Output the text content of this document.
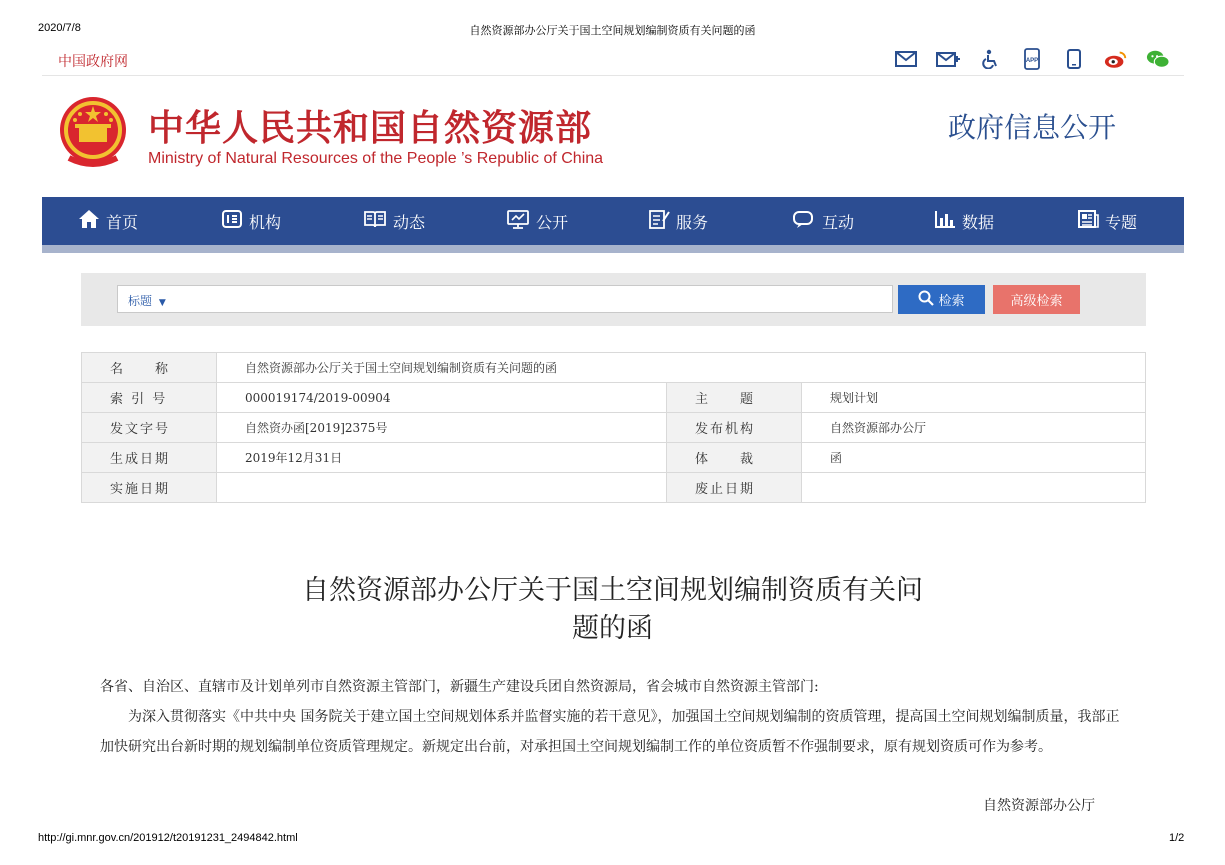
2020/7/8	自然资源部办公厅关于国土空间规划编制资质有关问题的函
中国政府网	APP
中华人民共和国自然资源部
Ministry of Natural Resources of the People ’s Republic of China
政府信息公开
首页	机构	动态	公开	服务	互动	数据	专题
标题 ▼	检索	高级检索
名　　称	自然资源部办公厅关于国土空间规划编制资质有关问题的函		
索 引 号	000019174/2019-00904	主　　题	规划计划
发文字号	自然资办函[2019]2375号	发布机构	自然资源部办公厅
生成日期	2019年12月31日	体　　裁	函
实施日期		废止日期	
自然资源部办公厅关于国土空间规划编制资质有关问
题的函

各省、自治区、直辖市及计划单列市自然资源主管部门，新疆生产建设兵团自然资源局，省会城市自然资源主管部门:

为深入贯彻落实《中共中央 国务院关于建立国土空间规划体系并监督实施的若干意见》，加强国土空间规划编制的资质管理，提高国土空间规划编制质量，我部正加快研究出台新时期的规划编制单位资质管理规定。新规定出台前，对承担国土空间规划编制工作的单位资质暂不作强制要求，原有规划资质可作为参考。

自然资源部办公厅
http://gi.mnr.gov.cn/201912/t20191231_2494842.html	1/2
